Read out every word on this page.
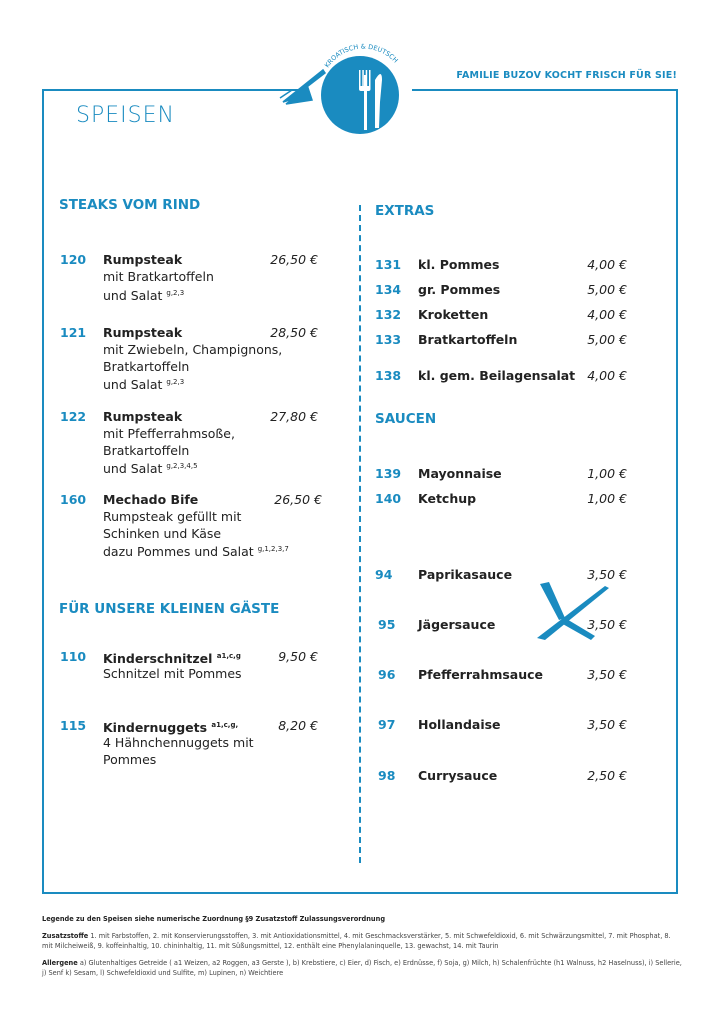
KROATISCH & DEUTSCH
FAMILIE BUZOV KOCHT FRISCH FÜR SIE!
SPEISEN
STEAKS VOM RIND
120 Rumpsteak	26,50 €
mit Bratkartoffeln
und Salat $^{g,2,3}$
121 Rumpsteak	28,50 €
mit Zwiebeln, Champignons,
Bratkartoffeln
und Salat $^{g,2,3}$
122 Rumpsteak	27,80 €
mit Pfefferrahmsoße,
Bratkartoffeln
und Salat $^{g,2,3,4,5}$
160 Mechado Bife	26,50 €
Rumpsteak gefüllt mit
Schinken und Käse
dazu Pommes und Salat $^{g,1,2,3,7}$
FÜR UNSERE KLEINEN GÄSTE
110 Kinderschnitzel $^{a1,c,g}$	9,50 €
Schnitzel mit Pommes
115 Kindernuggets $^{a1,c,g,}$	8,20 €
4 Hähnchennuggets mit
Pommes
EXTRAS
131 kl. Pommes	4,00 €
134 gr. Pommes	5,00 €
132 Kroketten	4,00 €
133 Bratkartoffeln	5,00 €
138 kl. gem. Beilagensalat 4,00 €
SAUCEN
139 Mayonnaise	1,00 €
140 Ketchup	1,00 €
94 Paprikasauce	3,50 €
95 Jägersauce	3,50 €
96 Pfefferrahmsauce	3,50 €
97 Hollandaise	3,50 €
98 Currysauce	2,50 €

Legende zu den Speisen siehe numerische Zuordnung §9 Zusatzstoff Zulassungsverordnung

Zusatzstoffe 1. mit Farbstoffen, 2. mit Konservierungsstoffen, 3. mit Antioxidationsmittel, 4. mit Geschmacksverstärker, 5. mit Schwefeldioxid, 6. mit Schwärzungsmittel, 7. mit Phosphat, 8. mit Milcheiweiß, 9. koffeinhaltig, 10. chininhaltig, 11. mit Süßungsmittel, 12. enthält eine Phenylalaninquelle, 13. gewachst, 14. mit Taurin

Allergene a) Glutenhaltiges Getreide ( a1 Weizen, a2 Roggen, a3 Gerste ), b) Krebstiere, c) Eier, d) Fisch, e) Erdnüsse, f) Soja, g) Milch, h) Schalenfrüchte (h1 Walnuss, h2 Haselnuss), i) Sellerie, j) Senf k) Sesam, l) Schwefeldioxid und Sulfite, m) Lupinen, n) Weichtiere
